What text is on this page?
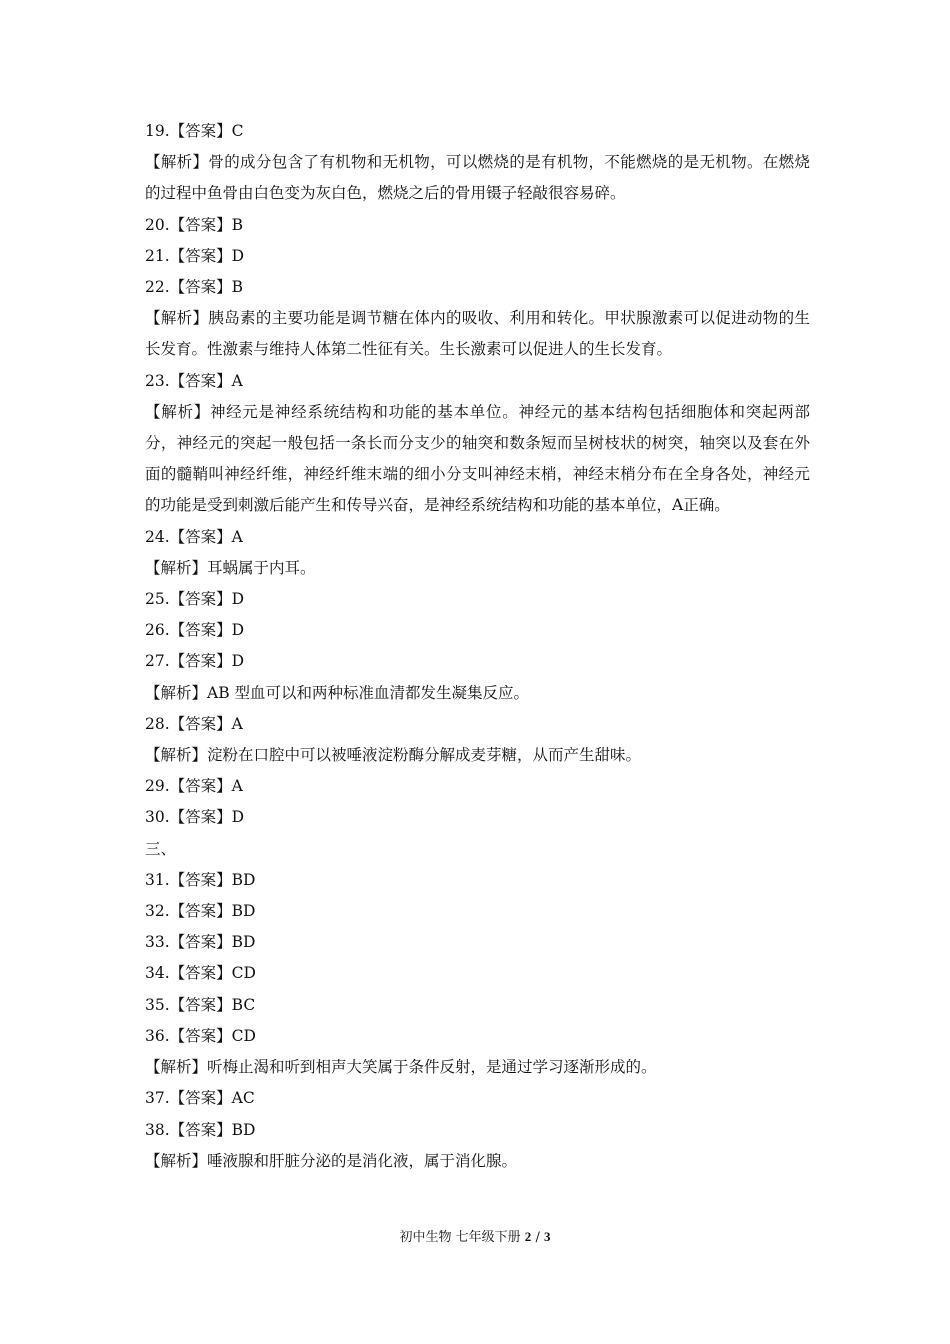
19.【答案】C

【解析】骨的成分包含了有机物和无机物，可以燃烧的是有机物，不能燃烧的是无机物。在燃烧的过程中鱼骨由白色变为灰白色，燃烧之后的骨用镊子轻敲很容易碎。

20.【答案】B

21.【答案】D

22.【答案】B

【解析】胰岛素的主要功能是调节糖在体内的吸收、利用和转化。甲状腺激素可以促进动物的生长发育。性激素与维持人体第二性征有关。生长激素可以促进人的生长发育。

23.【答案】A

【解析】神经元是神经系统结构和功能的基本单位。神经元的基本结构包括细胞体和突起两部分，神经元的突起一般包括一条长而分支少的轴突和数条短而呈树枝状的树突，轴突以及套在外面的髓鞘叫神经纤维，神经纤维末端的细小分支叫神经末梢，神经末梢分布在全身各处，神经元的功能是受到刺激后能产生和传导兴奋，是神经系统结构和功能的基本单位，A正确。

24.【答案】A

【解析】耳蜗属于内耳。

25.【答案】D

26.【答案】D

27.【答案】D

【解析】AB 型血可以和两种标准血清都发生凝集反应。

28.【答案】A

【解析】淀粉在口腔中可以被唾液淀粉酶分解成麦芽糖，从而产生甜味。

29.【答案】A

30.【答案】D

三、

31.【答案】BD

32.【答案】BD

33.【答案】BD

34.【答案】CD

35.【答案】BC

36.【答案】CD

【解析】听梅止渴和听到相声大笑属于条件反射，是通过学习逐渐形成的。

37.【答案】AC

38.【答案】BD

【解析】唾液腺和肝脏分泌的是消化液，属于消化腺。

初中生物 七年级下册 2 / 3
